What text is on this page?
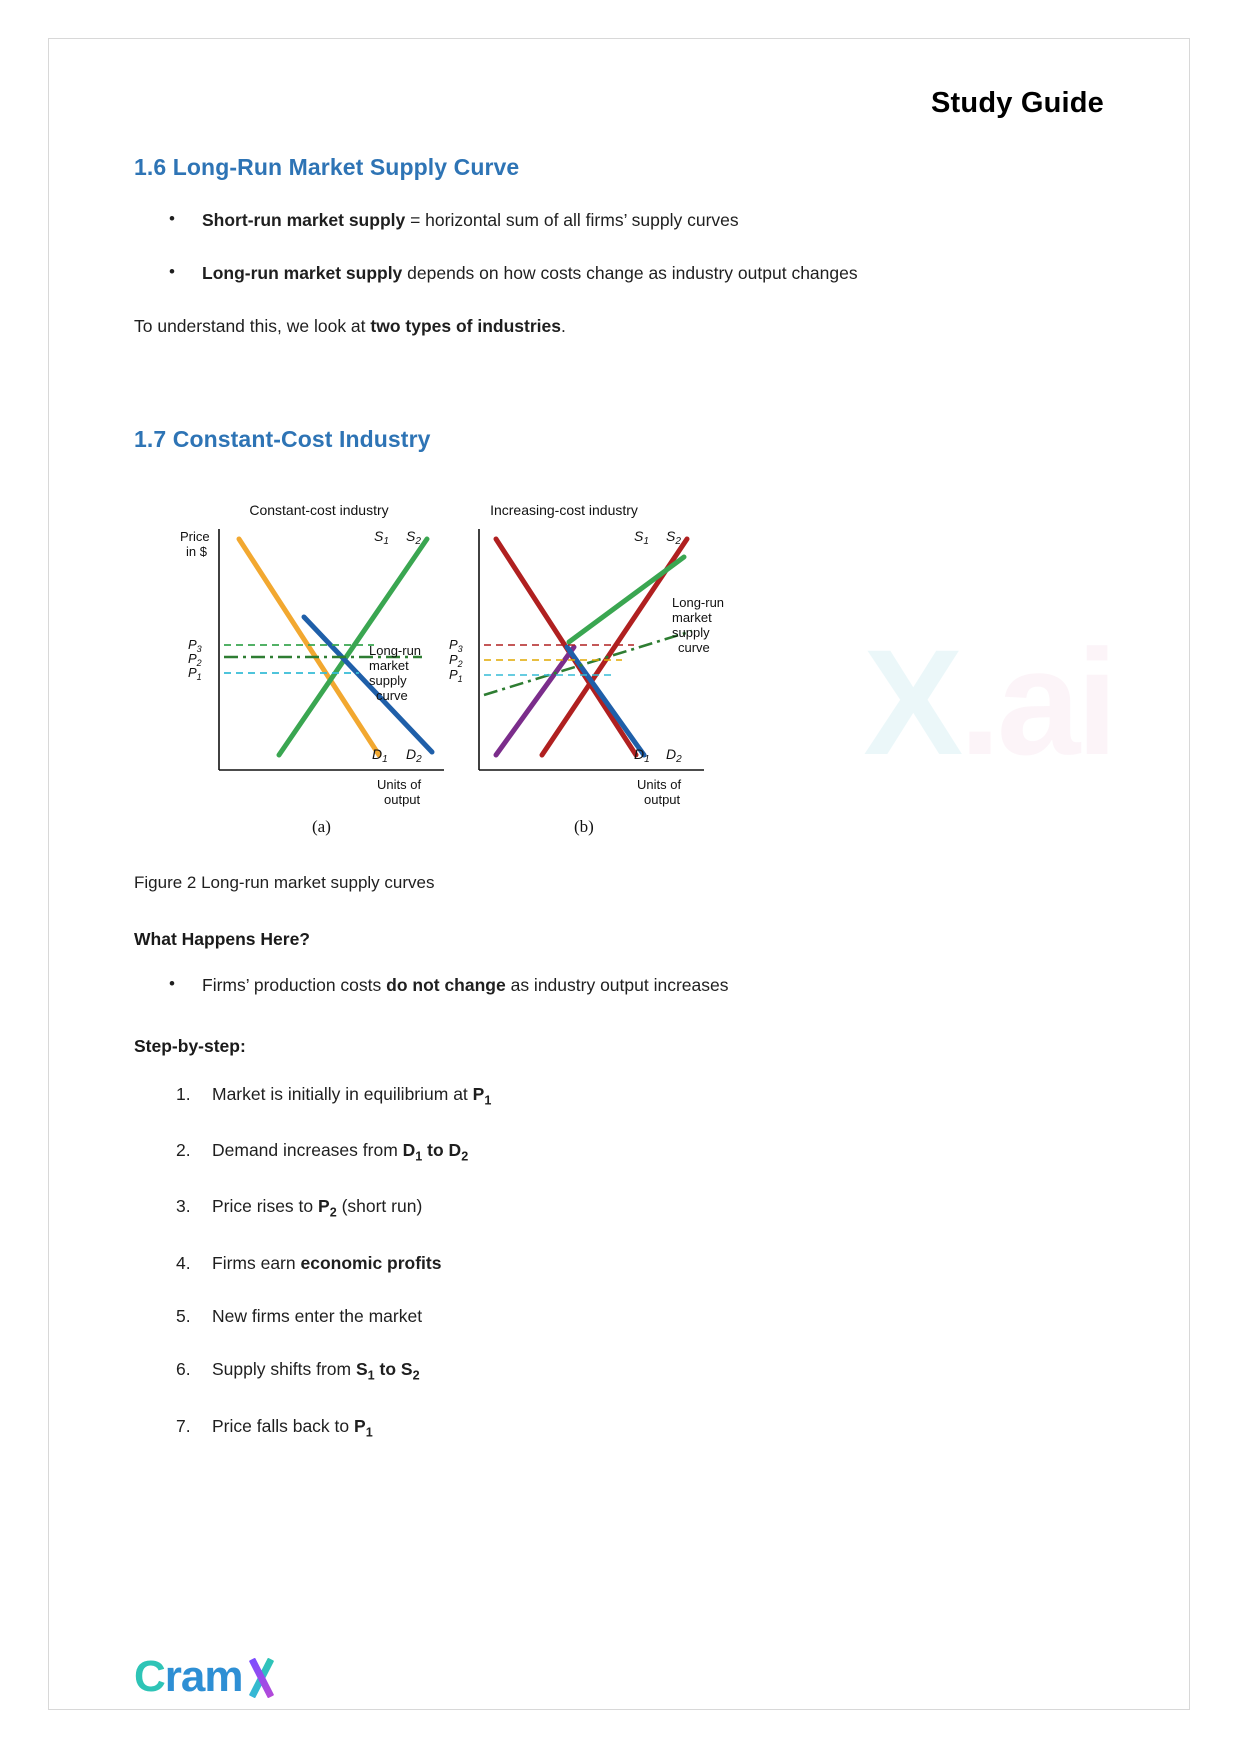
Study Guide
1.6 Long-Run Market Supply Curve
• Short-run market supply = horizontal sum of all firms’ supply curves
• Long-run market supply depends on how costs change as industry output changes
To understand this, we look at two types of industries.
1.7 Constant-Cost Industry
X.ai
Constant-cost industry
Price
in $
$P_3$
$P_2$
$P_1$
$S_1$ $S_2$
$D_1$ $D_2$
Long-run
market
supply
curve
Units of
output
(a)
Increasing-cost industry
$P_3$
$P_2$
$P_1$
$S_1$ $S_2$
$D_1$ $D_2$
Long-run
market
supply
curve
Units of
output
(b)
Figure 2 Long-run market supply curves
What Happens Here?
• Firms’ production costs do not change as industry output increases
Step-by-step:
Market is initially in equilibrium at $P_1$
Demand increases from $D_1$ to $D_2$
Price rises to $P_2$ (short run)
Firms earn economic profits
New firms enter the market
Supply shifts from $S_1$ to $S_2$
Price falls back to $P_1$
Cram
